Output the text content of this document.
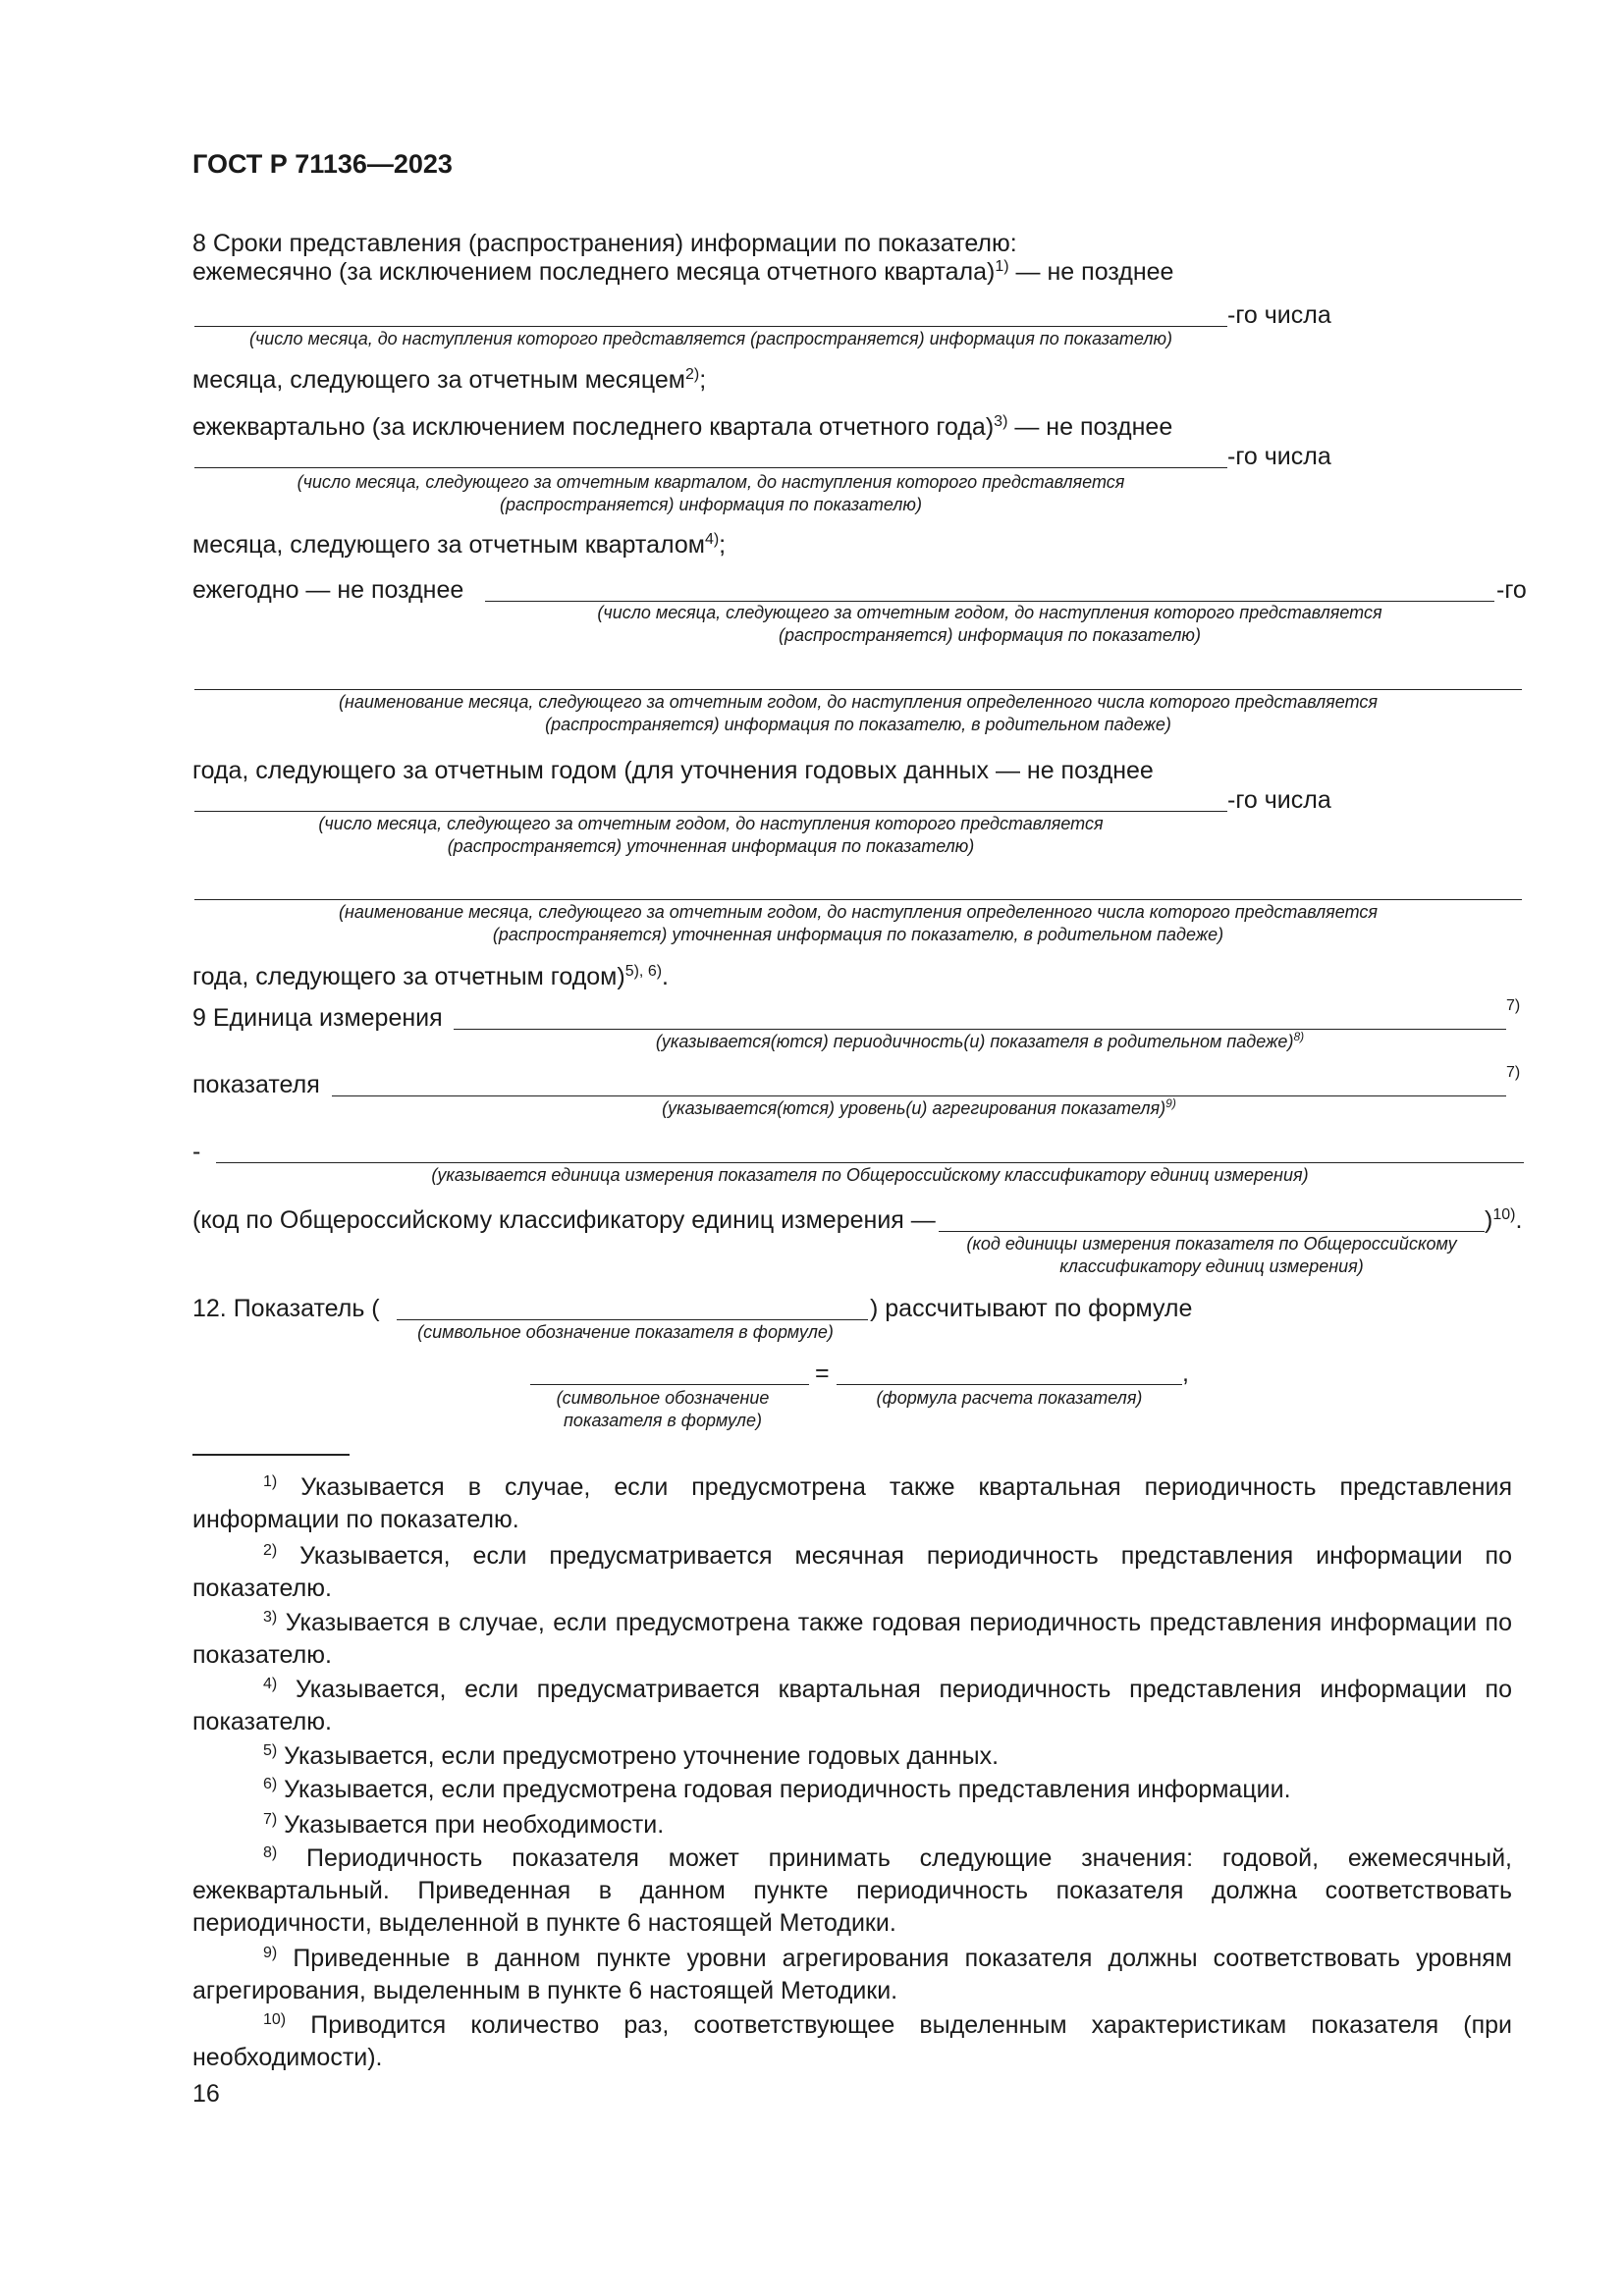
ГОСТ Р 71136—2023
8 Сроки представления (распространения) информации по показателю:
ежемесячно (за исключением последнего месяца отчетного квартала)$^{1)}$ — не позднее
-го числа
(число месяца, до наступления которого представляется (распространяется) информация по показателю)
месяца, следующего за отчетным месяцем$^{2)}$;
ежеквартально (за исключением последнего квартала отчетного года)$^{3)}$ — не позднее
-го числа
(число месяца, следующего за отчетным кварталом, до наступления которого представляется
(распространяется) информация по показателю)
месяца, следующего за отчетным кварталом$^{4)}$;
ежегодно — не позднее	-го
(число месяца, следующего за отчетным годом, до наступления которого представляется
(распространяется) информация по показателю)
(наименование месяца, следующего за отчетным годом, до наступления определенного числа которого представляется
(распространяется) информация по показателю, в родительном падеже)
года, следующего за отчетным годом (для уточнения годовых данных — не позднее
-го числа
(число месяца, следующего за отчетным годом, до наступления которого представляется
(распространяется) уточненная информация по показателю)
(наименование месяца, следующего за отчетным годом, до наступления определенного числа которого представляется
(распространяется) уточненная информация по показателю, в родительном падеже)
года, следующего за отчетным годом)$^{5), 6)}$.
9 Единица измерения	7)
(указывается(ются) периодичность(и) показателя в родительном падеже)$^{8)}$
показателя	7)
(указывается(ются) уровень(и) агрегирования показателя)$^{9)}$
-
(указывается единица измерения показателя по Общероссийскому классификатору единиц измерения)
(код по Общероссийскому классификатору единиц измерения —	)$^{10)}$.
(код единицы измерения показателя по Общероссийскому
классификатору единиц измерения)
12. Показатель (	) рассчитывают по формуле
(символьное обозначение показателя в формуле)
=	,
(символьное обозначение
показателя в формуле)
(формула расчета показателя)
$^{1)}$ Указывается в случае, если предусмотрена также квартальная периодичность представления информации по показателю.
$^{2)}$ Указывается, если предусматривается месячная периодичность представления информации по показателю.
$^{3)}$ Указывается в случае, если предусмотрена также годовая периодичность представления информации по показателю.
$^{4)}$ Указывается, если предусматривается квартальная периодичность представления информации по показателю.
$^{5)}$ Указывается, если предусмотрено уточнение годовых данных.
$^{6)}$ Указывается, если предусмотрена годовая периодичность представления информации.
$^{7)}$ Указывается при необходимости.
$^{8)}$ Периодичность показателя может принимать следующие значения: годовой, ежемесячный, ежеквартальный. Приведенная в данном пункте периодичность показателя должна соответствовать периодичности, выделенной в пункте 6 настоящей Методики.
$^{9)}$ Приведенные в данном пункте уровни агрегирования показателя должны соответствовать уровням агрегирования, выделенным в пункте 6 настоящей Методики.
$^{10)}$ Приводится количество раз, соответствующее выделенным характеристикам показателя (при необходимости).
16
